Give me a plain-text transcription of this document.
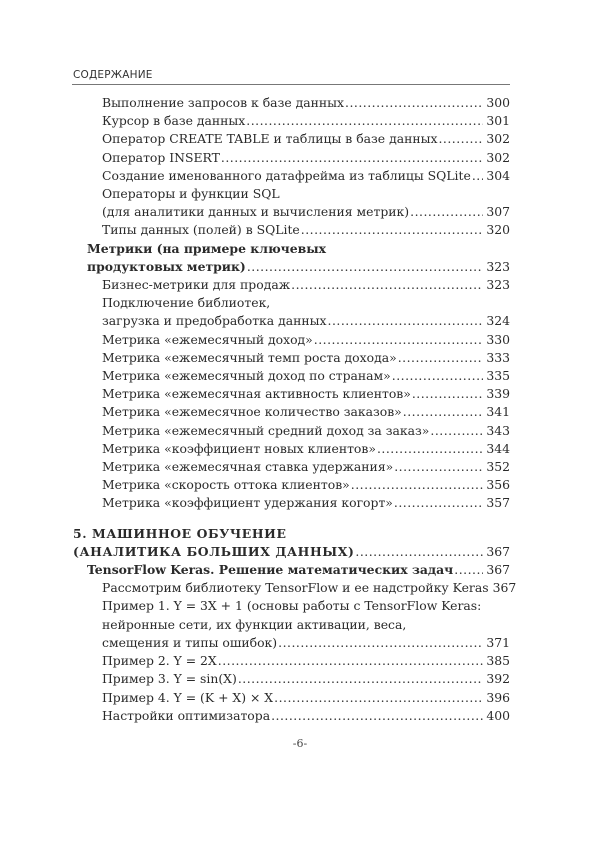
СОДЕРЖАНИЕ
Выполнение запросов к базе данных .....	300
Курсор в базе данных .....	301
Оператор CREATE TABLE и таблицы в базе данных .....	302
Оператор INSERT .....	302
Создание именованного датафрейма из таблицы SQLite ..... 304
Операторы и функции SQL
(для аналитики данных и вычисления метрик) .....	307
Типы данных (полей) в SQLite .....	320
Метрики (на примере ключевых
продуктовых метрик) .....	323
Бизнес-метрики для продаж .....	323
Подключение библиотек,
загрузка и предобработка данных .....	324
Метрика «ежемесячный доход» .....	330
Метрика «ежемесячный темп роста дохода» .....	333
Метрика «ежемесячный доход по странам» .....	335
Метрика «ежемесячная активность клиентов» .....	339
Метрика «ежемесячное количество заказов» .....	341
Метрика «ежемесячный средний доход за заказ» .....	343
Метрика «коэффициент новых клиентов» .....	344
Метрика «ежемесячная ставка удержания» .....	352
Метрика «скорость оттока клиентов» .....	356
Метрика «коэффициент удержания когорт» .....	357
5. МАШИННОЕ ОБУЧЕНИЕ
(АНАЛИТИКА БОЛЬШИХ ДАННЫХ) .....	367
TensorFlow Keras. Решение математических задач .....	367
Рассмотрим библиотеку TensorFlow и ее надстройку Keras 367
Пример 1. Y = 3X + 1 (основы работы с TensorFlow Keras:
нейронные сети, их функции активации, веса,
смещения и типы ошибок) .....	371
Пример 2. Y = 2X .....	385
Пример 3. Y = sin(X) .....	392
Пример 4. Y = (K + X) × X .....	396
Настройки оптимизатора .....	400
-6-
